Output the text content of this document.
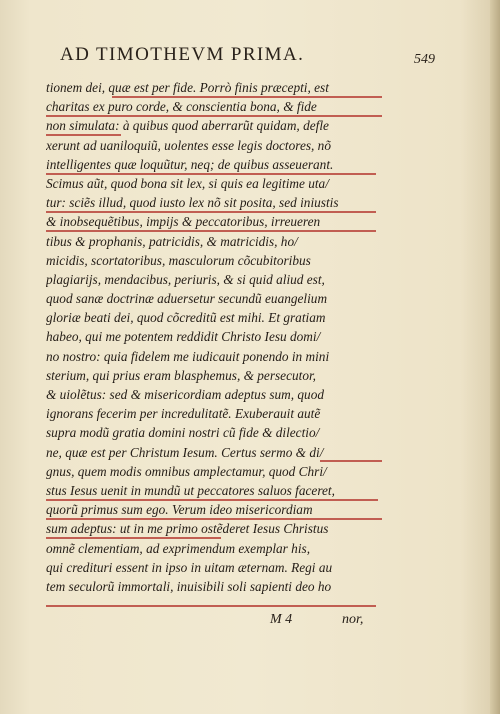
AD TIMOTHEVM PRIMA.	549
tionem dei, quæ est per fide. Porrò finis præcepti, est
charitas ex puro corde, & conscientia bona, & fide
non simulata: à quibus quod aberrarũt quidam, defle
xerunt ad uaniloquiũ, uolentes esse legis doctores, nõ
intelligentes quæ loquũtur, neq; de quibus asseuerant.
Scimus aũt, quod bona sit lex, si quis ea legitime uta/
tur: sciẽs illud, quod iusto lex nõ sit posita, sed iniustis
& inobsequẽtibus, impijs & peccatoribus, irreueren
tibus & prophanis, patricidis, & matricidis, ho/
micidis, scortatoribus, masculorum cõcubitoribus
plagiarijs, mendacibus, periuris, & si quid aliud est,
quod sanæ doctrinæ aduersetur secundũ euangelium
gloriæ beati dei, quod cõcreditũ est mihi. Et gratiam
habeo, qui me potentem reddidit Christo Iesu domi/
no nostro: quia fidelem me iudicauit ponendo in mini
sterium, qui prius eram blasphemus, & persecutor,
& uiolẽtus: sed & misericordiam adeptus sum, quod
ignorans fecerim per incredulitatẽ. Exuberauit autẽ
supra modũ gratia domini nostri cũ fide & dilectio/
ne, quæ est per Christum Iesum. Certus sermo & di/
gnus, quem modis omnibus amplectamur, quod Chri/
stus Iesus uenit in mundũ ut peccatores saluos faceret,
quorũ primus sum ego. Verum ideo misericordiam
sum adeptus: ut in me primo ostẽderet Iesus Christus
omnẽ clementiam, ad exprimendum exemplar his,
qui credituri essent in ipso in uitam æternam. Regi au
tem seculorũ immortali, inuisibili soli sapienti deo ho
M 4	nor,
